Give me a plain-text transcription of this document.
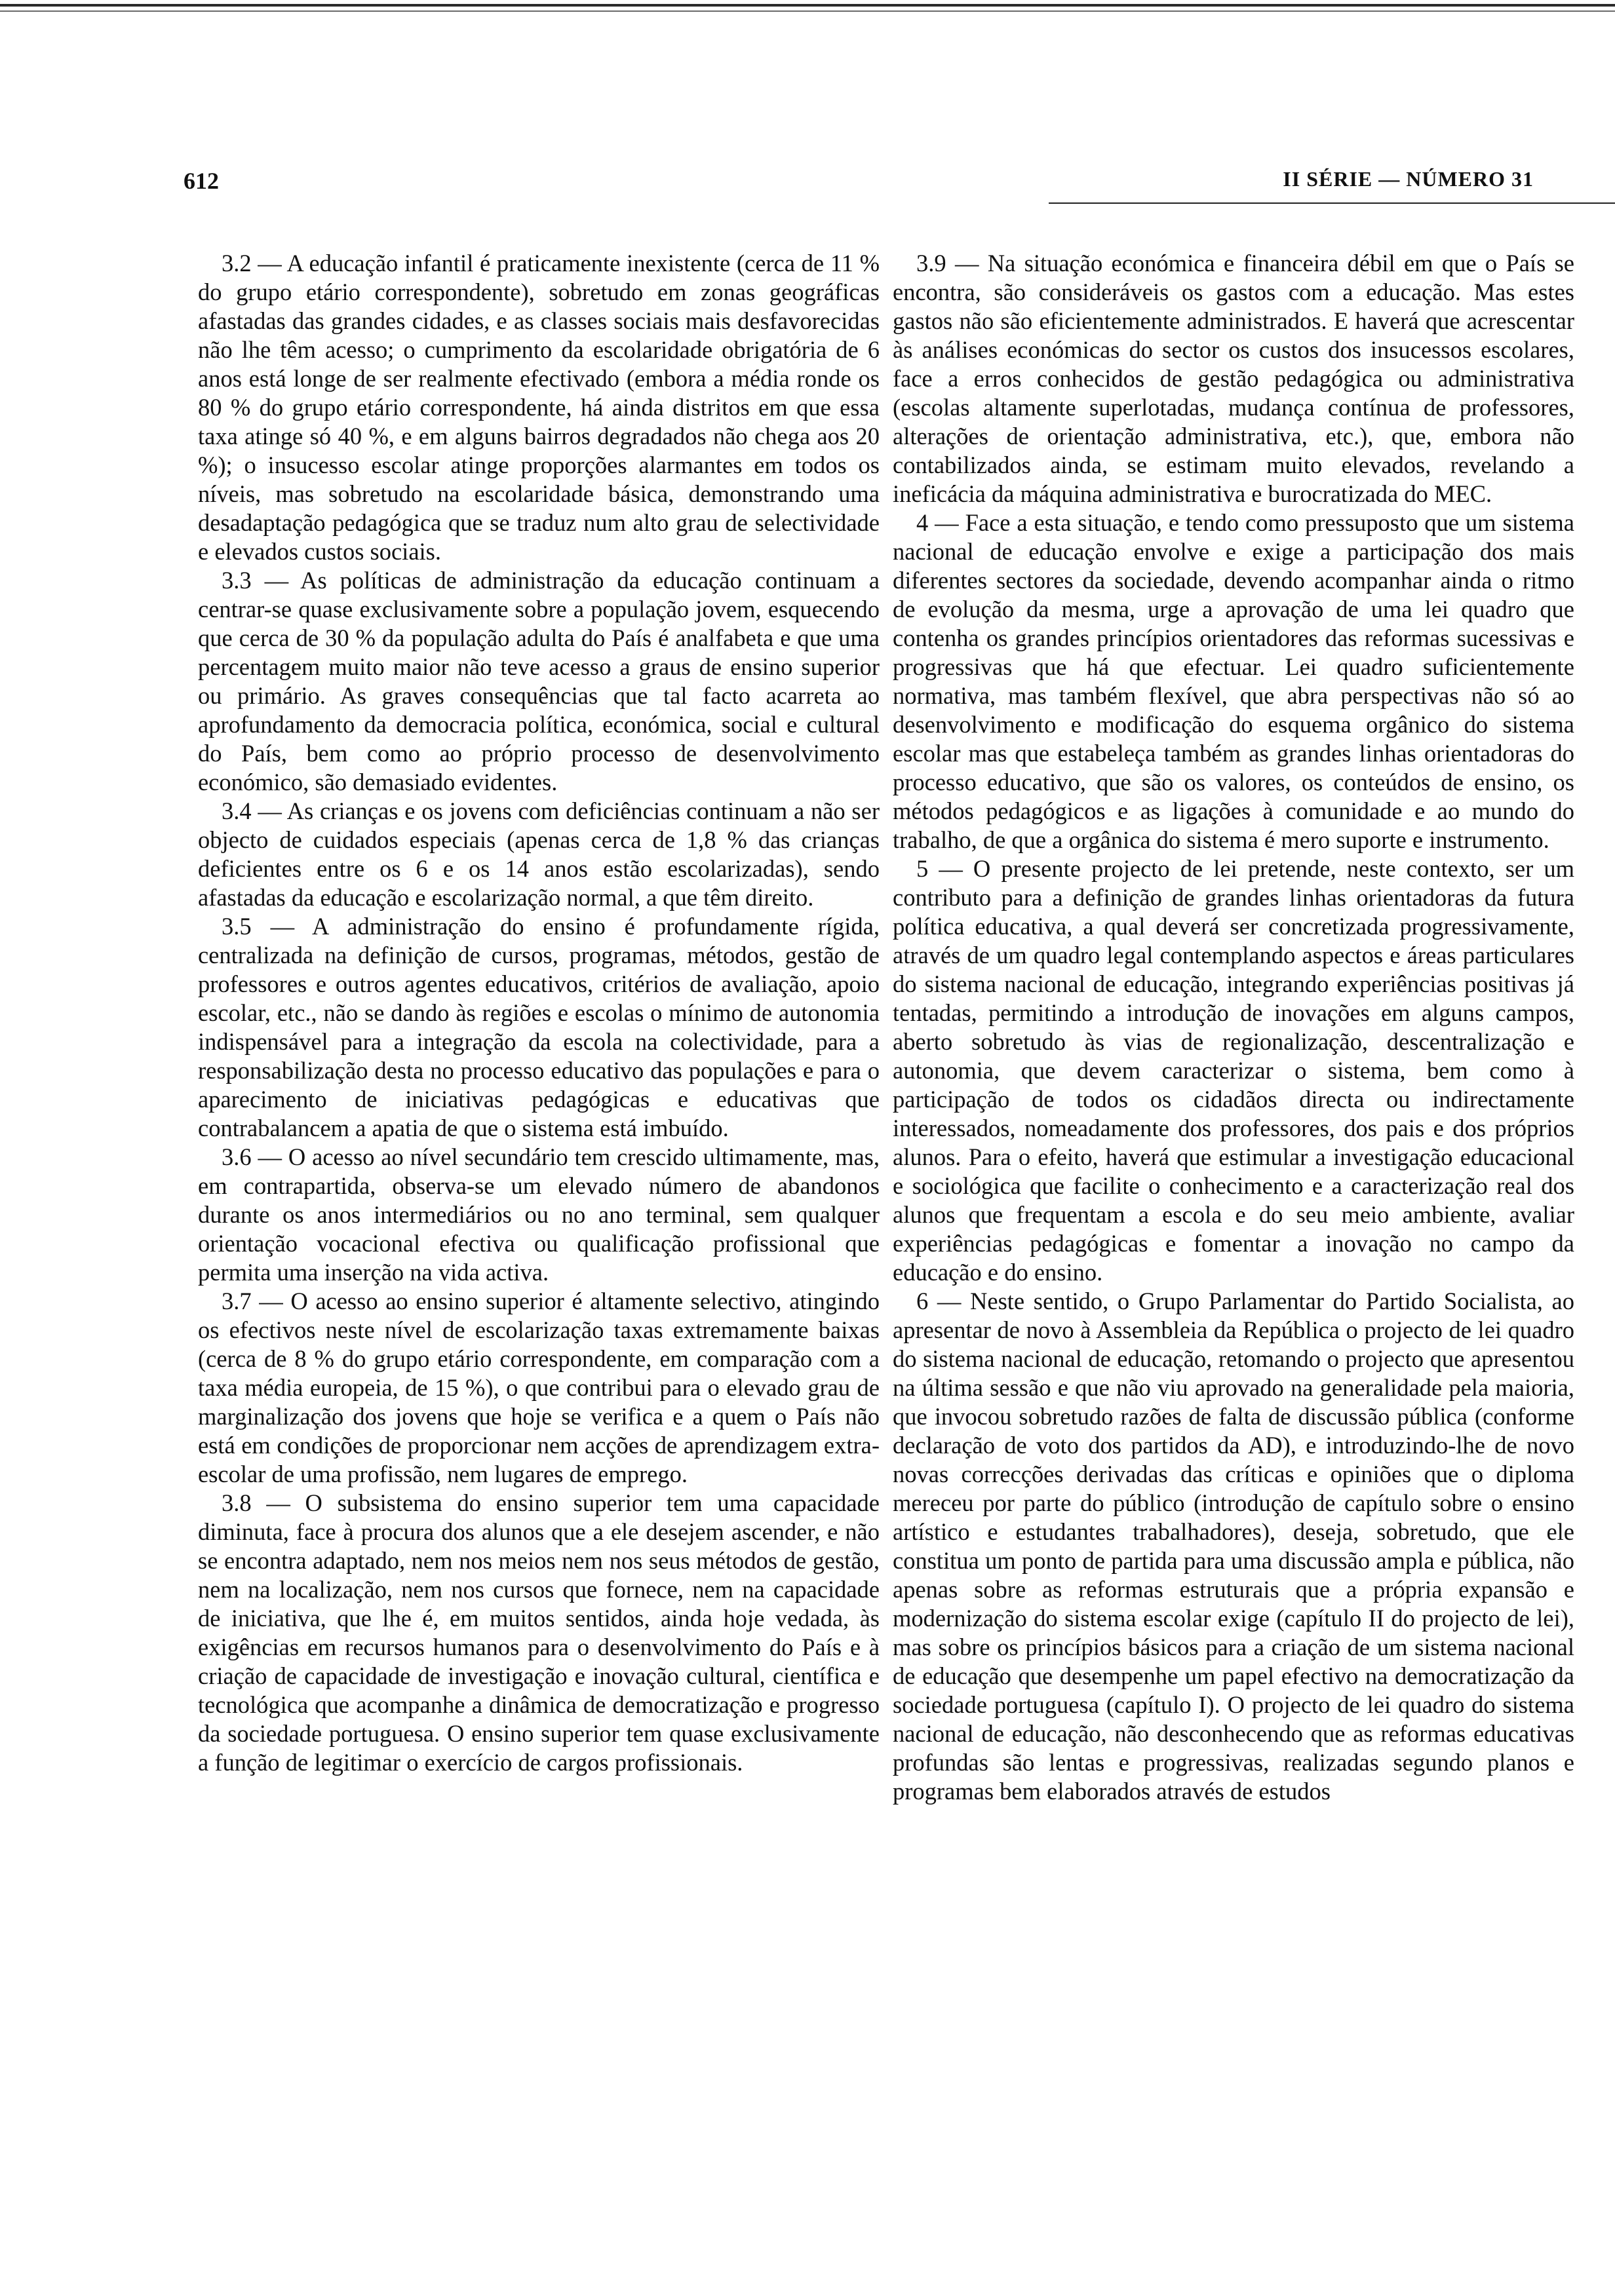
612	II SÉRIE — NÚMERO 31

3.2 — A educação infantil é praticamente inexistente (cerca de 11 % do grupo etário correspondente), sobretudo em zonas geográficas afastadas das grandes cidades, e as classes sociais mais desfavorecidas não lhe têm acesso; o cumprimento da escolaridade obrigatória de 6 anos está longe de ser realmente efectivado (embora a média ronde os 80 % do grupo etário correspondente, há ainda distritos em que essa taxa atinge só 40 %, e em alguns bairros degradados não chega aos 20 %); o insucesso escolar atinge proporções alarmantes em todos os níveis, mas sobretudo na escolaridade básica, demonstrando uma desadaptação pedagógica que se traduz num alto grau de selectividade e elevados custos sociais.

3.3 — As políticas de administração da educação continuam a centrar-se quase exclusivamente sobre a população jovem, esquecendo que cerca de 30 % da população adulta do País é analfabeta e que uma percentagem muito maior não teve acesso a graus de ensino superior ou primário. As graves consequências que tal facto acarreta ao aprofundamento da democracia política, económica, social e cultural do País, bem como ao próprio processo de desenvolvimento económico, são demasiado evidentes.

3.4 — As crianças e os jovens com deficiências continuam a não ser objecto de cuidados especiais (apenas cerca de 1,8 % das crianças deficientes entre os 6 e os 14 anos estão escolarizadas), sendo afastadas da educação e escolarização normal, a que têm direito.

3.5 — A administração do ensino é profundamente rígida, centralizada na definição de cursos, programas, métodos, gestão de professores e outros agentes educativos, critérios de avaliação, apoio escolar, etc., não se dando às regiões e escolas o mínimo de autonomia indispensável para a integração da escola na colectividade, para a responsabilização desta no processo educativo das populações e para o aparecimento de iniciativas pedagógicas e educativas que contrabalancem a apatia de que o sistema está imbuído.

3.6 — O acesso ao nível secundário tem crescido ultimamente, mas, em contrapartida, observa-se um elevado número de abandonos durante os anos intermediários ou no ano terminal, sem qualquer orientação vocacional efectiva ou qualificação profissional que permita uma inserção na vida activa.

3.7 — O acesso ao ensino superior é altamente selectivo, atingindo os efectivos neste nível de escolarização taxas extremamente baixas (cerca de 8 % do grupo etário correspondente, em comparação com a taxa média europeia, de 15 %), o que contribui para o elevado grau de marginalização dos jovens que hoje se verifica e a quem o País não está em condições de proporcionar nem acções de aprendizagem extra-escolar de uma profissão, nem lugares de emprego.

3.8 — O subsistema do ensino superior tem uma capacidade diminuta, face à procura dos alunos que a ele desejem ascender, e não se encontra adaptado, nem nos meios nem nos seus métodos de gestão, nem na localização, nem nos cursos que fornece, nem na capacidade de iniciativa, que lhe é, em muitos sentidos, ainda hoje vedada, às exigências em recursos humanos para o desenvolvimento do País e à criação de capacidade de investigação e inovação cultural, científica e tecnológica que acompanhe a dinâmica de democratização e progresso da sociedade portuguesa. O ensino superior tem quase exclusivamente a função de legitimar o exercício de cargos profissionais.

3.9 — Na situação económica e financeira débil em que o País se encontra, são consideráveis os gastos com a educação. Mas estes gastos não são eficientemente administrados. E haverá que acrescentar às análises económicas do sector os custos dos insucessos escolares, face a erros conhecidos de gestão pedagógica ou administrativa (escolas altamente superlotadas, mudança contínua de professores, alterações de orientação administrativa, etc.), que, embora não contabilizados ainda, se estimam muito elevados, revelando a ineficácia da máquina administrativa e burocratizada do MEC.

4 — Face a esta situação, e tendo como pressuposto que um sistema nacional de educação envolve e exige a participação dos mais diferentes sectores da sociedade, devendo acompanhar ainda o ritmo de evolução da mesma, urge a aprovação de uma lei quadro que contenha os grandes princípios orientadores das reformas sucessivas e progressivas que há que efectuar. Lei quadro suficientemente normativa, mas também flexível, que abra perspectivas não só ao desenvolvimento e modificação do esquema orgânico do sistema escolar mas que estabeleça também as grandes linhas orientadoras do processo educativo, que são os valores, os conteúdos de ensino, os métodos pedagógicos e as ligações à comunidade e ao mundo do trabalho, de que a orgânica do sistema é mero suporte e instrumento.

5 — O presente projecto de lei pretende, neste contexto, ser um contributo para a definição de grandes linhas orientadoras da futura política educativa, a qual deverá ser concretizada progressivamente, através de um quadro legal contemplando aspectos e áreas particulares do sistema nacional de educação, integrando experiências positivas já tentadas, permitindo a introdução de inovações em alguns campos, aberto sobretudo às vias de regionalização, descentralização e autonomia, que devem caracterizar o sistema, bem como à participação de todos os cidadãos directa ou indirectamente interessados, nomeadamente dos professores, dos pais e dos próprios alunos. Para o efeito, haverá que estimular a investigação educacional e sociológica que facilite o conhecimento e a caracterização real dos alunos que frequentam a escola e do seu meio ambiente, avaliar experiências pedagógicas e fomentar a inovação no campo da educação e do ensino.

6 — Neste sentido, o Grupo Parlamentar do Partido Socialista, ao apresentar de novo à Assembleia da República o projecto de lei quadro do sistema nacional de educação, retomando o projecto que apresentou na última sessão e que não viu aprovado na generalidade pela maioria, que invocou sobretudo razões de falta de discussão pública (conforme declaração de voto dos partidos da AD), e introduzindo-lhe de novo novas correcções derivadas das críticas e opiniões que o diploma mereceu por parte do público (introdução de capítulo sobre o ensino artístico e estudantes trabalhadores), deseja, sobretudo, que ele constitua um ponto de partida para uma discussão ampla e pública, não apenas sobre as reformas estruturais que a própria expansão e modernização do sistema escolar exige (capítulo II do projecto de lei), mas sobre os princípios básicos para a criação de um sistema nacional de educação que desempenhe um papel efectivo na democratização da sociedade portuguesa (capítulo I). O projecto de lei quadro do sistema nacional de educação, não desconhecendo que as reformas educativas profundas são lentas e progressivas, realizadas segundo planos e programas bem elaborados através de estudos
